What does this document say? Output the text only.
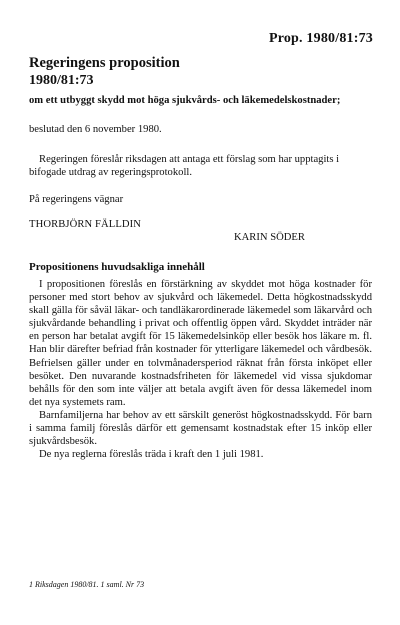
Prop. 1980/81:73
Regeringens proposition
1980/81:73
om ett utbyggt skydd mot höga sjukvårds- och läkemedelskostnader;
beslutad den 6 november 1980.
Regeringen föreslår riksdagen att antaga ett förslag som har upptagits i bifogade utdrag av regeringsprotokoll.
På regeringens vägnar
THORBJÖRN FÄLLDIN
KARIN SÖDER
Propositionens huvudsakliga innehåll

I propositionen föreslås en förstärkning av skyddet mot höga kostnader för personer med stort behov av sjukvård och läkemedel. Detta högkostnadsskydd skall gälla för såväl läkar- och tandläkarordinerade läkemedel som läkarvård och sjukvårdande behandling i privat och offentlig öppen vård. Skyddet inträder när en person har betalat avgift för 15 läkemedelsinköp eller besök hos läkare m. fl. Han blir därefter befriad från kostnader för ytterligare läkemedel och vårdbesök. Befrielsen gäller under en tolvmånadersperiod räknat från första inköpet eller besöket. Den nuvarande kostnadsfriheten för läkemedel vid vissa sjukdomar behålls för den som inte väljer att betala avgift även för dessa läkemedel inom det nya systemets ram.

Barnfamiljerna har behov av ett särskilt generöst högkostnadsskydd. För barn i samma familj föreslås därför ett gemensamt kostnadstak efter 15 inköp eller sjukvårdsbesök.

De nya reglerna föreslås träda i kraft den 1 juli 1981.

1 Riksdagen 1980/81. 1 saml. Nr 73
